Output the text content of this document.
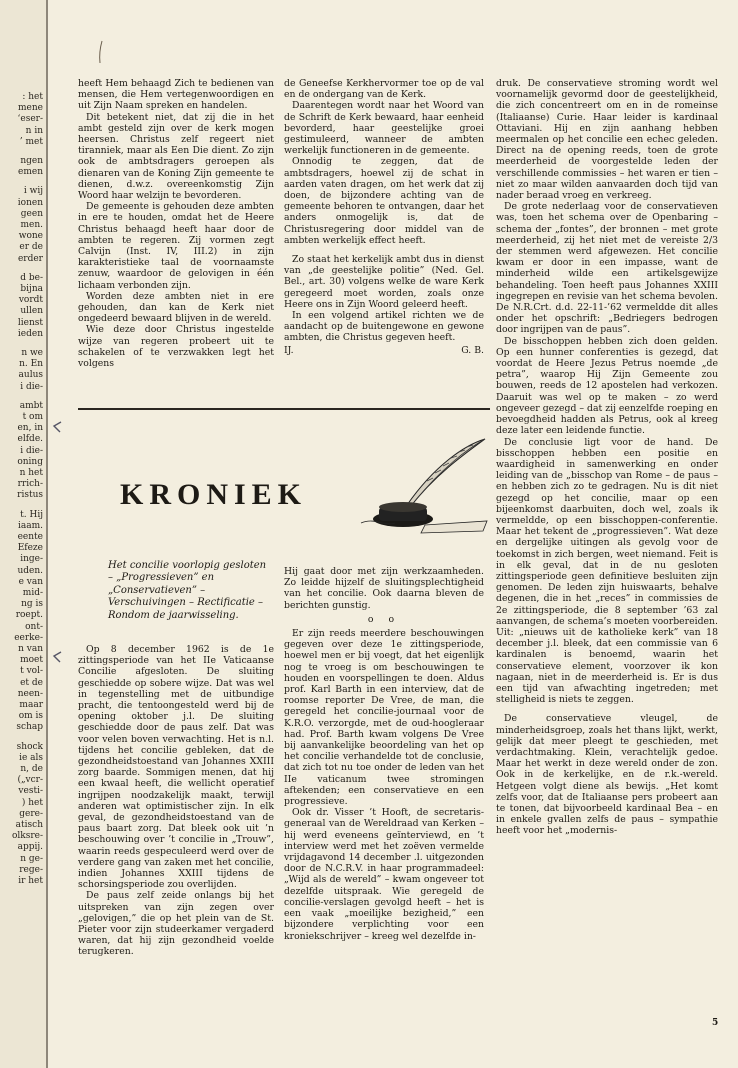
: het
mene
‘eser-
n in
’ met
ngen
emen
i wij
ionen
geen
men.
wone
er de
erder
d be-
bijna
vordt
ullen
lienst
ieden
n we
n. En
aulus
i die-
ambt
t om
en, in
elfde.
i die-
oning
n het
rrich-
ristus
t. Hij
iaam.
eente
Efeze
inge-
uden.
e van
mid-
ng is
roept.
ont-
eerke-
n van
moet
t vol-
et de
neen-
maar
om is
schap
shock
ie als
n, de
(„vcr-
vesti-
) het
gere-
atisch
olksre-
appij.
n ge-
rege-
ir het

heeft Hem behaagd Zich te bedienen van mensen, die Hem vertegenwoordigen en uit Zijn Naam spreken en handelen.

Dit betekent niet, dat zij die in het ambt gesteld zijn over de kerk mogen heersen. Christus zelf regeert niet tiranniek, maar als Een Die dient. Zo zijn ook de ambtsdragers geroepen als dienaren van de Koning Zijn gemeente te dienen, d.w.z. overeenkomstig Zijn Woord haar welzijn te bevorderen.

De gemeente is gehouden deze ambten in ere te houden, omdat het de Heere Christus behaagd heeft haar door de ambten te regeren. Zij vormen zegt Calvijn (Inst. IV, III.2) in zijn karakteristieke taal de voornaamste zenuw, waardoor de gelovigen in één lichaam verbonden zijn.

Worden deze ambten niet in ere gehouden, dan kan de Kerk niet ongedeerd bewaard blijven in de wereld.

Wie deze door Christus ingestelde wijze van regeren probeert uit te schakelen of te verzwakken legt het volgens

de Geneefse Kerkhervormer toe op de val en de ondergang van de Kerk.

Daarentegen wordt naar het Woord van de Schrift de Kerk bewaard, haar eenheid bevorderd, haar geestelijke groei gestimuleerd, wanneer de ambten werkelijk functioneren in de gemeente.

Onnodig te zeggen, dat de ambtsdragers, hoewel zij de schat in aarden vaten dragen, om het werk dat zij doen, de bijzondere achting van de gemeente behoren te ontvangen, daar het anders onmogelijk is, dat de Christusregering door middel van de ambten werkelijk effect heeft.

Zo staat het kerkelijk ambt dus in dienst van „de geestelijke politie” (Ned. Gel. Bel., art. 30) volgens welke de ware Kerk geregeerd moet worden, zoals onze Heere ons in Zijn Woord geleerd heeft.

In een volgend artikel richten we de aandacht op de buitengewone en gewone ambten, die Christus gegeven heeft.

IJ.	G. B.
KRONIEK

Het concilie voorlopig gesloten – „Progressieven” en „Conservatieven” – Verschuivingen – Rectificatie – Rondom de jaarwisseling.

Op 8 december 1962 is de 1e zittingsperiode van het IIe Vaticaanse Concilie afgesloten. De sluiting geschiedde op sobere wijze. Dat was wel in tegenstelling met de uitbundige pracht, die tentoongesteld werd bij de opening oktober j.l. De sluiting geschiedde door de paus zelf. Dat was voor velen boven verwachting. Het is n.l. tijdens het concilie gebleken, dat de gezondheidstoestand van Johannes XXIII zorg baarde. Sommigen menen, dat hij een kwaal heeft, die wellicht operatief ingrijpen noodzakelijk maakt, terwijl anderen wat optimistischer zijn. In elk geval, de gezondheidstoestand van de paus baart zorg. Dat bleek ook uit ’n beschouwing over ’t concilie in „Trouw”, waarin reeds gespeculeerd werd over de verdere gang van zaken met het concilie, indien Johannes XXIII tijdens de schorsingsperiode zou overlijden.

De paus zelf zeide onlangs bij het uitspreken van zijn zegen over „gelovigen,” die op het plein van de St. Pieter voor zijn studeerkamer vergaderd waren, dat hij zijn gezondheid voelde terugkeren.

Hij gaat door met zijn werkzaamheden. Zo leidde hijzelf de sluitingsplechtigheid van het concilie. Ook daarna bleven de berichten gunstig.

o o

Er zijn reeds meerdere beschouwingen gegeven over deze 1e zittingsperiode, hoewel men er bij voegt, dat het eigenlijk nog te vroeg is om beschouwingen te houden en voorspellingen te doen. Aldus prof. Karl Barth in een interview, dat de roomse reporter De Vree, de man, die geregeld het concilie-journaal voor de K.R.O. verzorgde, met de oud-hoogleraar had. Prof. Barth kwam volgens De Vree bij aanvankelijke beoordeling van het op het concilie verhandelde tot de conclusie, dat zich tot nu toe onder de leden van het IIe vaticanum twee stromingen aftekenden; een conservatieve en een progressieve.

Ook dr. Visser ’t Hooft, de secretaris-generaal van de Wereldraad van Kerken – hij werd eveneens geïnterviewd, en ’t interview werd met het zoëven vermelde vrijdagavond 14 december .l. uitgezonden door de N.C.R.V. in haar programmadeel: „Wijd als de wereld” – kwam ongeveer tot dezelfde uitspraak. Wie geregeld de concilie-verslagen gevolgd heeft – het is een vaak „moeilijke bezigheid,” een bijzondere verplichting voor een kroniekschrijver – kreeg wel dezelfde in-

druk. De conservatieve stroming wordt wel voornamelijk gevormd door de geestelijkheid, die zich concentreert om en in de romeinse (Italiaanse) Curie. Haar leider is kardinaal Ottaviani. Hij en zijn aanhang hebben meermalen op het concilie een echec geleden. Direct na de opening reeds, toen de grote meerderheid de voorgestelde leden der verschillende commissies – het waren er tien – niet zo maar wilden aanvaarden doch tijd van nader beraad vroeg en verkreeg.

De grote nederlaag voor de conservatieven was, toen het schema over de Openbaring – schema der „fontes”, der bronnen – met grote meerderheid, zij het niet met de vereiste 2/3 der stemmen werd afgewezen. Het concilie kwam er door in een impasse, want de minderheid wilde een artikelsgewijze behandeling. Toen heeft paus Johannes XXIII ingegrepen en revisie van het schema bevolen. De N.R.Crt. d.d. 22-11-’62 vermeldde dit alles onder het opschrift: „Bedriegers bedrogen door ingrijpen van de paus”.

De bisschoppen hebben zich doen gelden. Op een hunner conferenties is gezegd, dat voordat de Heere Jezus Petrus noemde „de petra”, waarop Hij Zijn Gemeente zou bouwen, reeds de 12 apostelen had verkozen. Daaruit was wel op te maken – zo werd ongeveer gezegd – dat zij eenzelfde roeping en bevoegdheid hadden als Petrus, ook al kreeg deze later een leidende functie.

De conclusie ligt voor de hand. De bisschoppen hebben een positie en waardigheid in samenwerking en onder leiding van de „bisschop van Rome – de paus – en hebben zich zo te gedragen. Nu is dit niet gezegd op het concilie, maar op een bijeenkomst daarbuiten, doch wel, zoals ik vermeldde, op een bisschoppen-conferentie. Maar het tekent de „progressieven”. Wat deze en dergelijke uitingen als gevolg voor de toekomst in zich bergen, weet niemand. Feit is in elk geval, dat in de nu gesloten zittingsperiode geen definitieve besluiten zijn genomen. De leden zijn huiswaarts, behalve degenen, die in het „reces” in commissies de 2e zittingsperiode, die 8 september ’63 zal aanvangen, de schema’s moeten voorbereiden. Uit: „nieuws uit de katholieke kerk” van 18 december j.l. bleek, dat een commissie van 6 kardinalen is benoemd, waarin het conservatieve element, voorzover ik kon nagaan, niet in de meerderheid is. Er is dus een tijd van afwachting ingetreden; met stelligheid is niets te zeggen.

De conservatieve vleugel, de minderheidsgroep, zoals het thans lijkt, werkt, gelijk dat meer pleegt te geschieden, met verdachtmaking. Klein, verachtelijk gedoe. Maar het werkt in deze wereld onder de zon. Ook in de kerkelijke, en de r.k.-wereld. Hetgeen volgt diene als bewijs. „Het komt zelfs voor, dat de Italiaanse pers probeert aan te tonen, dat bijvoorbeeld kardinaal Bea – en in enkele gvallen zelfs de paus – sympathie heeft voor het „modernis-

5
